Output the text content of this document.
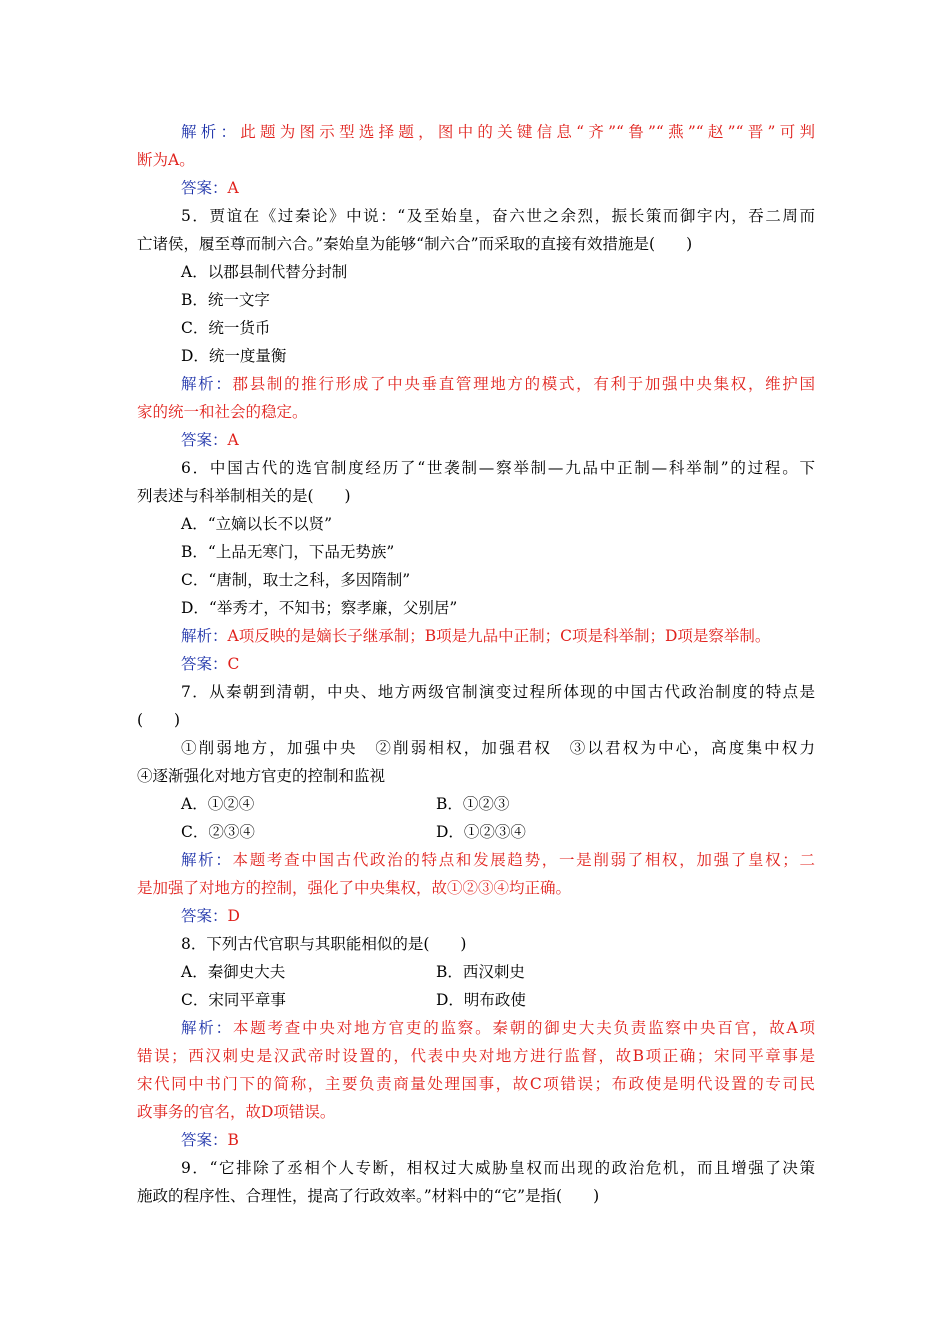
解析：此题为图示型选择题，图中的关键信息“齐”“鲁”“燕”“赵”“晋”可判
断为A。
答案：A
5．贾谊在《过秦论》中说：“及至始皇，奋六世之余烈，振长策而御宇内，吞二周而
亡诸侯，履至尊而制六合。”秦始皇为能够“制六合”而采取的直接有效措施是(　　)
A．以郡县制代替分封制
B．统一文字
C．统一货币
D．统一度量衡
解析：郡县制的推行形成了中央垂直管理地方的模式，有利于加强中央集权，维护国
家的统一和社会的稳定。
答案：A
6．中国古代的选官制度经历了“世袭制—察举制—九品中正制—科举制”的过程。下
列表述与科举制相关的是(　　)
A．“立嫡以长不以贤”
B．“上品无寒门，下品无势族”
C．“唐制，取士之科，多因隋制”
D．“举秀才，不知书；察孝廉，父别居”
解析：A项反映的是嫡长子继承制；B项是九品中正制；C项是科举制；D项是察举制。
答案：C
7．从秦朝到清朝，中央、地方两级官制演变过程所体现的中国古代政治制度的特点是
(　　)
①削弱地方，加强中央　②削弱相权，加强君权　③以君权为中心，高度集中权力
④逐渐强化对地方官吏的控制和监视
A．①②④	B．①②③
C．②③④	D．①②③④
解析：本题考查中国古代政治的特点和发展趋势，一是削弱了相权，加强了皇权；二
是加强了对地方的控制，强化了中央集权，故①②③④均正确。
答案：D
8．下列古代官职与其职能相似的是(　　)
A．秦御史大夫	B．西汉刺史
C．宋同平章事	D．明布政使
解析：本题考查中央对地方官吏的监察。秦朝的御史大夫负责监察中央百官，故A项
错误；西汉刺史是汉武帝时设置的，代表中央对地方进行监督，故B项正确；宋同平章事是
宋代同中书门下的简称，主要负责商量处理国事，故C项错误；布政使是明代设置的专司民
政事务的官名，故D项错误。
答案：B
9．“它排除了丞相个人专断，相权过大威胁皇权而出现的政治危机，而且增强了决策
施政的程序性、合理性，提高了行政效率。”材料中的“它”是指(　　)
